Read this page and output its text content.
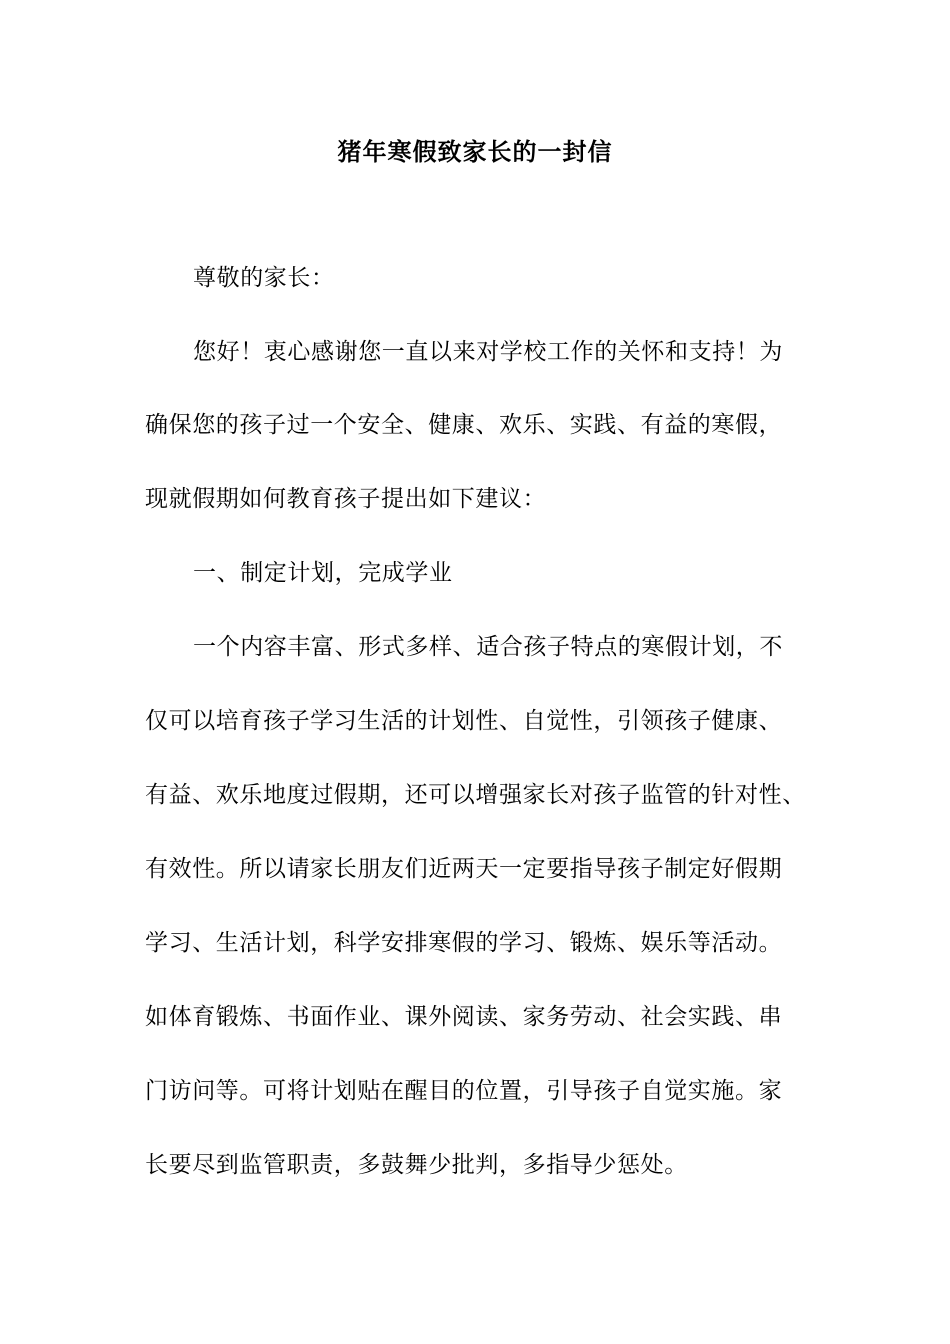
猪年寒假致家长的一封信
尊敬的家长：
您好！衷心感谢您一直以来对学校工作的关怀和支持！为
确保您的孩子过一个安全、健康、欢乐、实践、有益的寒假，
现就假期如何教育孩子提出如下建议：
一、制定计划，完成学业
一个内容丰富、形式多样、适合孩子特点的寒假计划，不
仅可以培育孩子学习生活的计划性、自觉性，引领孩子健康、
有益、欢乐地度过假期，还可以增强家长对孩子监管的针对性、
有效性。所以请家长朋友们近两天一定要指导孩子制定好假期
学习、生活计划，科学安排寒假的学习、锻炼、娱乐等活动。
如体育锻炼、书面作业、课外阅读、家务劳动、社会实践、串
门访问等。可将计划贴在醒目的位置，引导孩子自觉实施。家
长要尽到监管职责，多鼓舞少批判，多指导少惩处。
